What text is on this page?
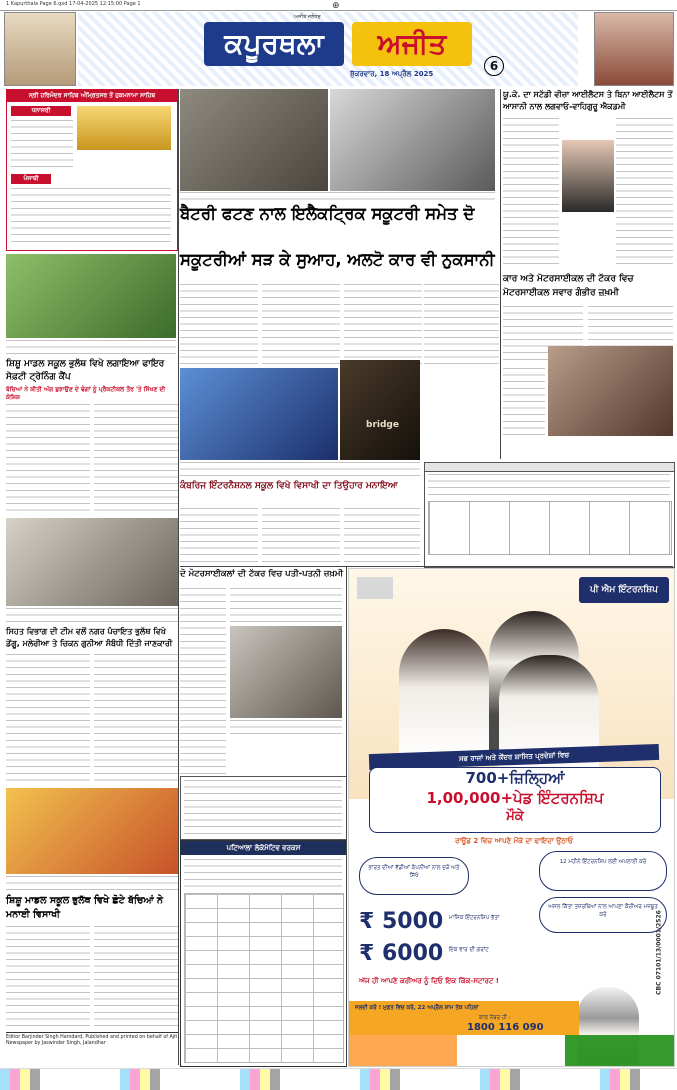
1 Kapurthala Page 6.qxd 17-04-2025 12:15:00 Page 1	⊕
ਅਜੀਤ ਜਲੰਧਰ
ਕਪੂਰਥਲਾ	ਅਜੀਤ
ਸ਼ੁੱਕਰਵਾਰ, 18 ਅਪ੍ਰੈਲ 2025
6
ਸ੍ਰੀ ਹਰਿਮੰਦਰ ਸਾਹਿਬ ਅੰਮ੍ਰਿਤਸਰ ਤੋਂ ਹੁਕਮਨਾਮਾ ਸਾਹਿਬ
ਧਨਾਸਰੀ
ਪੰਜਾਬੀ
ਬੈਟਰੀ ਫਟਣ ਨਾਲ ਇਲੈਕਟ੍ਰਿਕ ਸਕੂਟਰੀ ਸਮੇਤ ਦੋ
ਸਕੂਟਰੀਆਂ ਸੜ ਕੇ ਸੁਆਹ, ਅਲਟੋ ਕਾਰ ਵੀ ਨੁਕਸਾਨੀ
ਯੂ.ਕੇ. ਦਾ ਸਟੱਡੀ ਵੀਜ਼ਾ ਆਈਲੈਟਸ ਤੇ ਬਿਨਾ ਆਈਲੈਟਸ ਤੋਂ ਆਸਾਨੀ ਨਾਲ ਲਗਵਾਓ-ਵਾਹਿਗੁਰੂ ਐਕਡਮੀ
ਕਾਰ ਅਤੇ ਮੋਟਰਸਾਈਕਲ ਦੀ ਟੱਕਰ ਵਿਚ ਮੋਟਰਸਾਈਕਲ ਸਵਾਰ ਗੰਭੀਰ ਜ਼ਖ਼ਮੀ
ਸ਼ਿਸ਼ੂ ਮਾਡਲ ਸਕੂਲ ਭੁਲੱਥ ਵਿਖੇ ਲਗਾਇਆ ਫਾਇਰ ਸੇਫ਼ਟੀ ਟ੍ਰੇਨਿੰਗ ਕੈਂਪ
ਬੱਚਿਆਂ ਨੇ ਕੀਤੀ ਅੱਗ ਬੁਝਾਉਣ ਦੇ ਢੰਗਾਂ ਨੂੰ ਪ੍ਰੈਕਟੀਕਲ ਤੌਰ 'ਤੇ ਸਿੱਖਣ ਦੀ ਕੋਸ਼ਿਸ਼
ਸਿਹਤ ਵਿਭਾਗ ਦੀ ਟੀਮ ਵਲੋਂ ਨਗਰ ਪੰਚਾਇਤ ਭੁਲੱਥ ਵਿਖੇ ਡੇਂਗੂ, ਮਲੇਰੀਆ ਤੇ ਚਿਕਨ ਗੁਨੀਆ ਸੰਬੰਧੀ ਦਿੱਤੀ ਜਾਣਕਾਰੀ
bridge
ਕੰਬਰਿਜ ਇੰਟਰਨੈਸ਼ਨਲ ਸਕੂਲ ਵਿਖੇ ਵਿਸਾਖੀ ਦਾ ਤਿਉਹਾਰ ਮਨਾਇਆ
ਦੋ ਮੋਟਰਸਾਈਕਲਾਂ ਦੀ ਟੱਕਰ ਵਿਚ ਪਤੀ-ਪਤਨੀ ਜ਼ਖ਼ਮੀ
ਪਟਿਆਲਾ ਲੋਕੋਮੋਟਿਵ ਵਰਕਸ
ਸ਼ਿਸ਼ੂ ਮਾਡਲ ਸਕੂਲ ਭੁਲੱਥ ਵਿਖੇ ਛੋਟੇ ਬੱਚਿਆਂ ਨੇ ਮਨਾਈ ਵਿਸਾਖੀ
Editor Barjinder Singh Hamdard, Published and printed on behalf of Ajit Newspaper by Jaswinder Singh, Jalandhar
ਪੀ ਐਮ ਇੰਟਰਨਸ਼ਿਪ
ਸਭ ਰਾਜਾਂ ਅਤੇ ਕੇਂਦਰ ਸ਼ਾਸਿਤ ਪ੍ਰਦੇਸ਼ਾਂ ਵਿਚ
700+ਜ਼ਿਲ੍ਹਿਆਂ
1,00,000+ਪੇਡ ਇੰਟਰਨਸ਼ਿਪ
ਮੌਕੇ
ਰਾਊਂਡ 2 ਵਿਚ ਆਪਣੇ ਮੌਕੇ ਦਾ ਫਾਇਦਾ ਉਠਾਓ
ਭਾਰਤ ਦੀਆਂ ਵੱਡੀਆਂ ਕੰਪਨੀਆਂ ਨਾਲ ਜੁੜੋ ਅਤੇ ਸਿੱਖੋ
12 ਮਹੀਨੇ ਇੰਟਰਨਸ਼ਿਪ ਲਈ ਅਪਲਾਈ ਕਰੋ
ਅਸਲ ਕਿੱਤਾ ਤਜ਼ਰਬਿਆਂ ਨਾਲ ਆਪਣਾ ਕੈਰੀਅਰ ਮਜ਼ਬੂਤ ਕਰੋ
₹ 5000 ਮਾਸਿਕ ਇੰਟਰਨਸ਼ਿਪ ਭੱਤਾ
₹ 6000 ਇਕ ਵਾਰ ਦੀ ਗਰਾਂਟ
ਅੱਜ ਹੀ ਆਪਣੇ ਕਰੀਅਰ ਨੂੰ ਦਿਓ ਇਕ ਕਿੱਕ-ਸਟਾਰਟ !	CBC 07101/13/0001/2526
ਜਲਦੀ ਕਰੋ ! ਮੁਫ਼ਤ ਵਿਚ ਕਰੋ, 22 ਅਪ੍ਰੈਲ ਸ਼ਾਮ ਤੱਕ ਪਹਿਲਾਂ
ਕਾਲ ਨੰਬਰ ਹੀ :
1800 116 090
